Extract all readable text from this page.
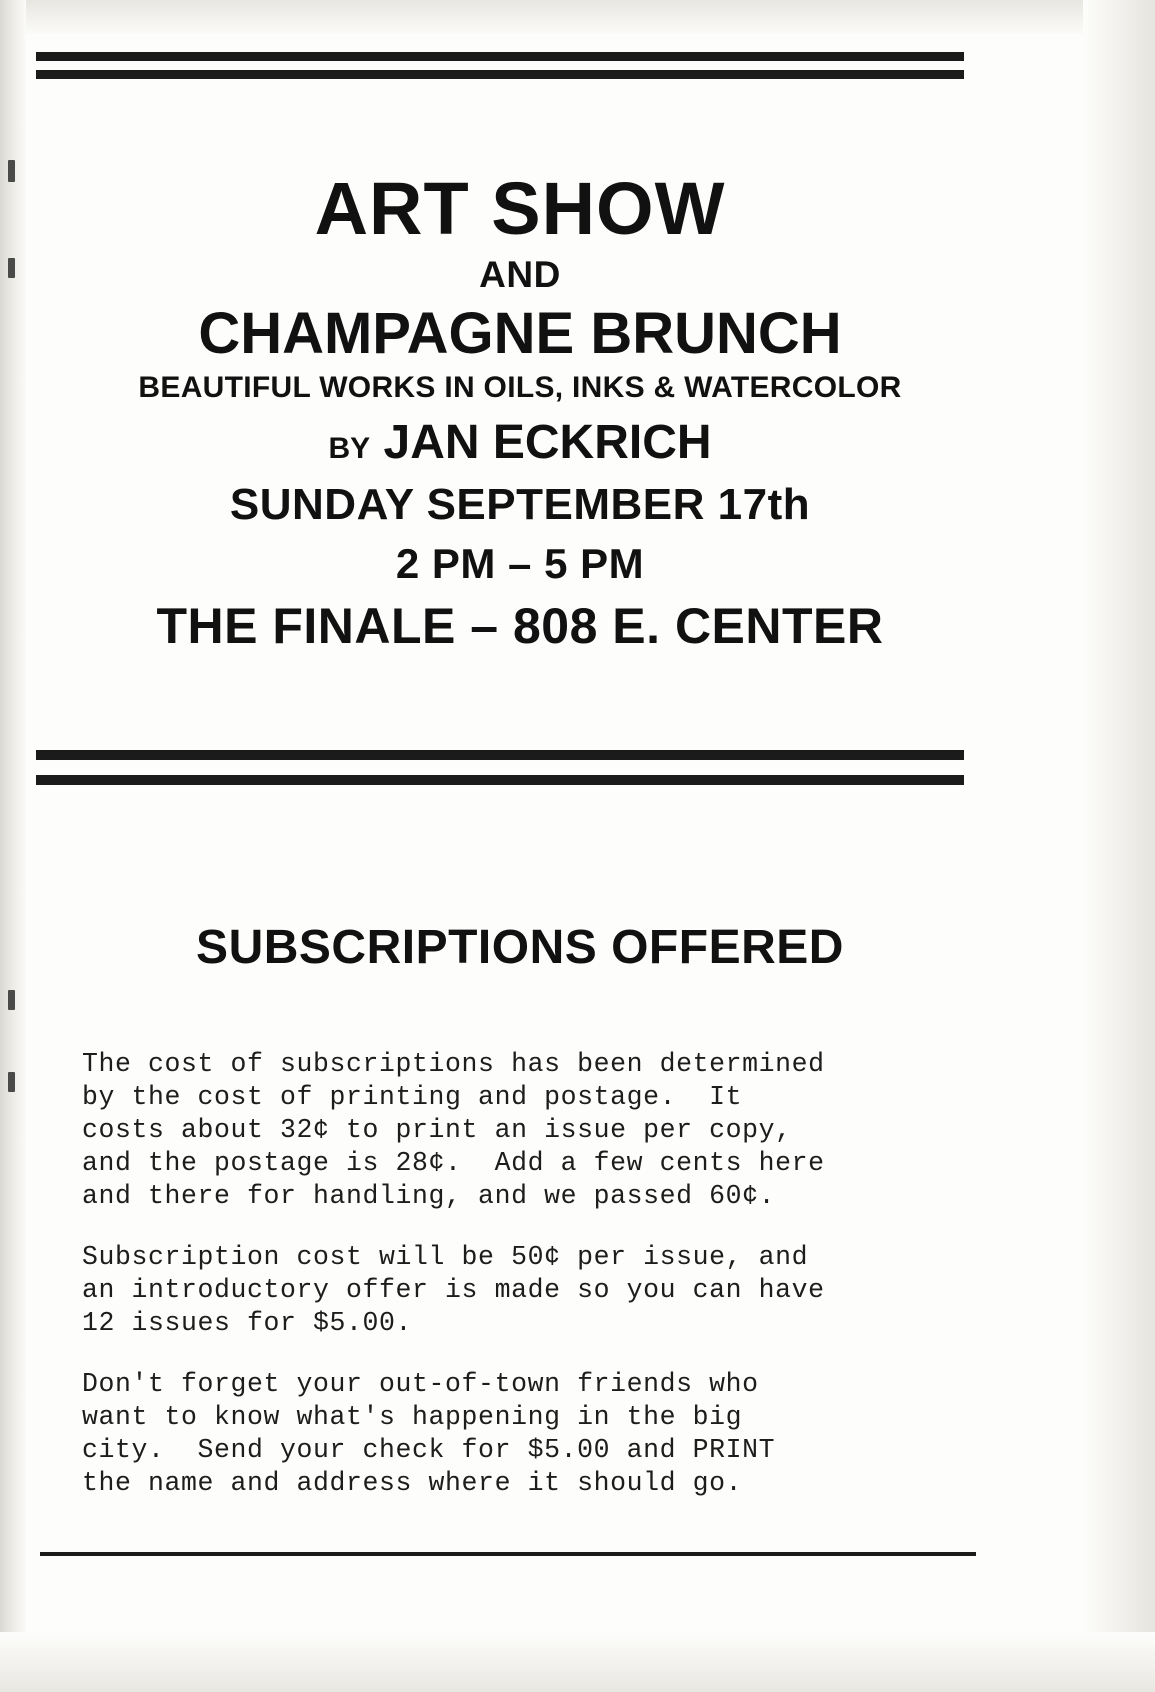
ART SHOW
AND
CHAMPAGNE BRUNCH
BEAUTIFUL WORKS IN OILS, INKS & WATERCOLOR
BY JAN ECKRICH
SUNDAY SEPTEMBER 17th
2 PM – 5 PM
THE FINALE – 808 E. CENTER
SUBSCRIPTIONS OFFERED

The cost of subscriptions has been determined
by the cost of printing and postage.  It
costs about 32¢ to print an issue per copy,
and the postage is 28¢.  Add a few cents here
and there for handling, and we passed 60¢.

Subscription cost will be 50¢ per issue, and
an introductory offer is made so you can have
12 issues for $5.00.

Don't forget your out-of-town friends who
want to know what's happening in the big
city.  Send your check for $5.00 and PRINT
the name and address where it should go.
